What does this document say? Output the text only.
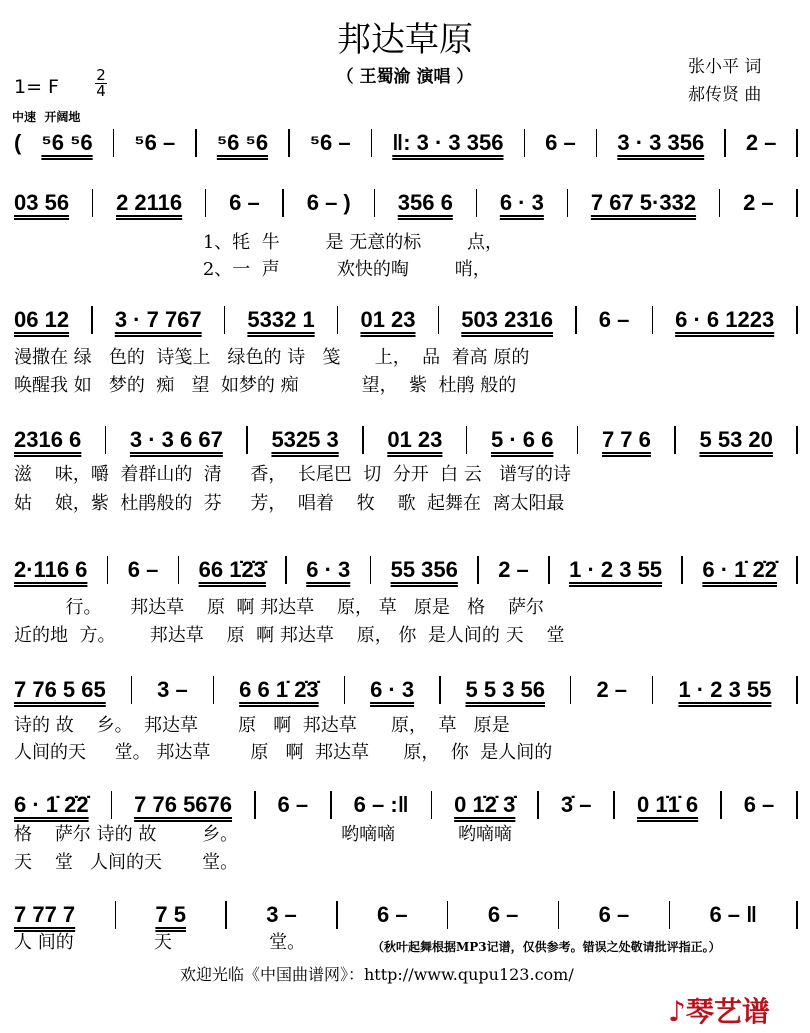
邦达草原
（ 王蜀渝 演唱 ）	张小平 词
郝传贤 曲
1= F $\frac{2}{4}$
中速  开阔地
( ⁵6 ⁵6 ⁵6 – ⁵6 ⁵6 ⁵6 – ‖: 3 · 3 356 6 – 3 · 3 356 2 –
03 56 2 2116 6 – 6 – ) 356 6 6 · 3 7 67 5·332 2 –
06 12 3 · 7 767 5332 1 01 23 503 2316 6 – 6 · 6 1223
2316 6 3 · 3 6 67 5325 3 01 23 5 · 6 6 7 7 6 5 53 20
2·116 6 6 – 66 1̇2̇3̇ 6 · 3 55 356 2 – 1 · 2 3 55 6 · 1̇ 2̇2̇
7 76 5 65 3 – 6 6 1̇ 2̇3̇ 6 · 3 5 5 3 56 2 – 1 · 2 3 55
6 · 1̇ 2̇2̇ 7 76 5676 6 – 6 – :‖ 0 1̇2̇ 3̇ 3̇ – 0 1̇1̇ 6 6 –
7 77 7	7 5	3 –	6 –	6 –	6 –	6 – ‖
1、牦  牛        是 无意的标        点，
2、一  声          欢快的啕        哨，
漫撒在 绿   色的  诗笺上   绿色的 诗   笺      上，  品  着高 原的
唤醒我 如   梦的  痴   望  如梦的 痴           望，  紫  杜鹃 般的
滋    味，嚼  着群山的  清     香，  长尾巴  切  分开  白 云   谱写的诗
姑    娘，紫  杜鹃般的  芬     芳，  唱着    牧    歌  起舞在  离太阳最
行。     邦达草    原  啊 邦达草    原， 草   原是   格    萨尔
近的地  方。      邦达草    原  啊 邦达草    原， 你  是人间的 天    堂
诗的 故    乡。  邦达草       原   啊  邦达草      原，  草   原是
人间的天     堂。 邦达草       原   啊  邦达草      原，  你  是人间的
格    萨尔 诗的 故        乡。                  哟嘀嘀           哟嘀嘀
天    堂   人间的天       堂。
人 间的              天                 堂。	（秋叶起舞根据MP3记谱，仅供参考。错误之处敬请批评指正。）
欢迎光临《中国曲谱网》：http://www.qupu123.com/
♪琴艺谱
